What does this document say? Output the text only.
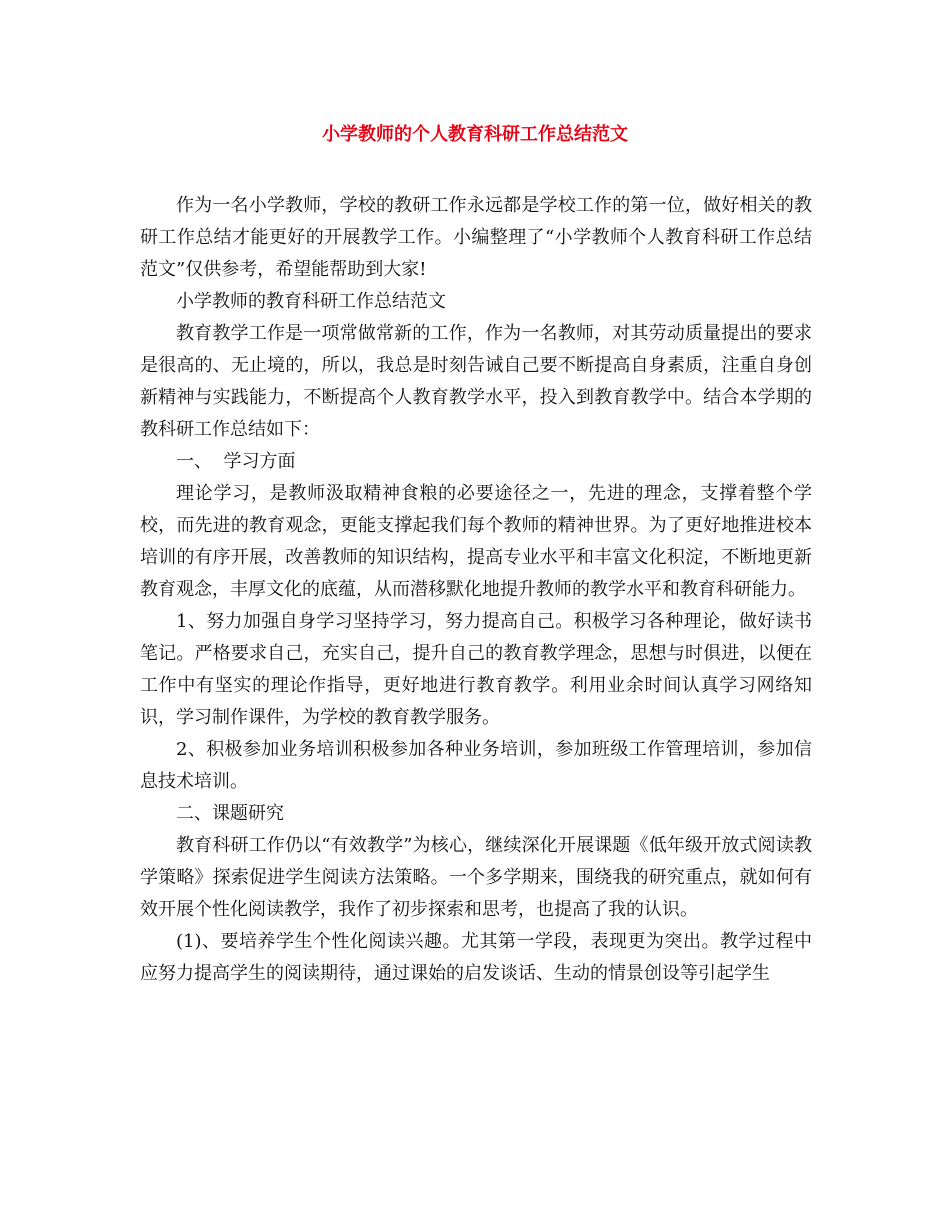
小学教师的个人教育科研工作总结范文

作为一名小学教师，学校的教研工作永远都是学校工作的第一位，做好相关的教研工作总结才能更好的开展教学工作。小编整理了“小学教师个人教育科研工作总结范文”仅供参考，希望能帮助到大家!

小学教师的教育科研工作总结范文

教育教学工作是一项常做常新的工作，作为一名教师，对其劳动质量提出的要求是很高的、无止境的，所以，我总是时刻告诫自己要不断提高自身素质，注重自身创新精神与实践能力，不断提高个人教育教学水平，投入到教育教学中。结合本学期的教科研工作总结如下：

一、  学习方面

理论学习，是教师汲取精神食粮的必要途径之一，先进的理念，支撑着整个学校，而先进的教育观念，更能支撑起我们每个教师的精神世界。为了更好地推进校本培训的有序开展，改善教师的知识结构，提高专业水平和丰富文化积淀，不断地更新教育观念，丰厚文化的底蕴，从而潜移默化地提升教师的教学水平和教育科研能力。

1、努力加强自身学习坚持学习，努力提高自己。积极学习各种理论，做好读书笔记。严格要求自己，充实自己，提升自己的教育教学理念，思想与时俱进，以便在工作中有坚实的理论作指导，更好地进行教育教学。利用业余时间认真学习网络知识，学习制作课件，为学校的教育教学服务。

2、积极参加业务培训积极参加各种业务培训，参加班级工作管理培训，参加信息技术培训。

二、课题研究

教育科研工作仍以“有效教学”为核心，继续深化开展课题《低年级开放式阅读教学策略》探索促进学生阅读方法策略。一个多学期来，围绕我的研究重点，就如何有效开展个性化阅读教学，我作了初步探索和思考，也提高了我的认识。

(1)、要培养学生个性化阅读兴趣。尤其第一学段，表现更为突出。教学过程中应努力提高学生的阅读期待，通过课始的启发谈话、生动的情景创设等引起学生
